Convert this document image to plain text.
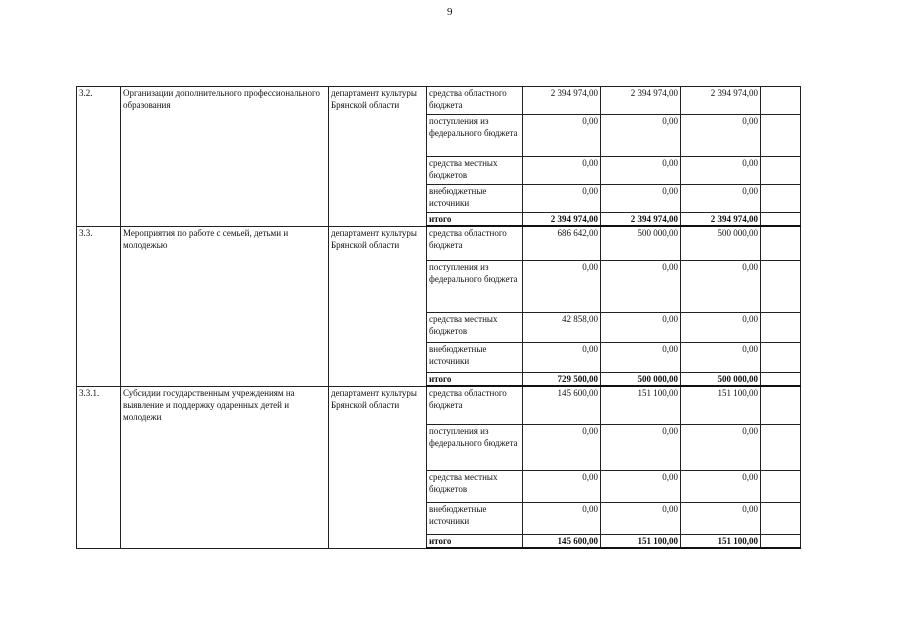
9
3.2.	Организации дополнительного профессионального образования	департамент культуры Брянской области	средства областного бюджета	2 394 974,00	2 394 974,00	2 394 974,00	
			поступления из федерального бюджета	0,00	0,00	0,00	
			средства местных бюджетов	0,00	0,00	0,00	
			внебюджетные источники	0,00	0,00	0,00	
			итого	2 394 974,00	2 394 974,00	2 394 974,00	
3.3.	Мероприятия по работе с семьей, детьми и молодежью	департамент культуры Брянской области	средства областного бюджета	686 642,00	500 000,00	500 000,00	
			поступления из федерального бюджета	0,00	0,00	0,00	
			средства местных бюджетов	42 858,00	0,00	0,00	
			внебюджетные источники	0,00	0,00	0,00	
			итого	729 500,00	500 000,00	500 000,00	
3.3.1.	Субсидии государственным учреждениям на выявление и поддержку одаренных детей и молодежи	департамент культуры Брянской области	средства областного бюджета	145 600,00	151 100,00	151 100,00	
			поступления из федерального бюджета	0,00	0,00	0,00	
			средства местных бюджетов	0,00	0,00	0,00	
			внебюджетные источники	0,00	0,00	0,00	
			итого	145 600,00	151 100,00	151 100,00	
